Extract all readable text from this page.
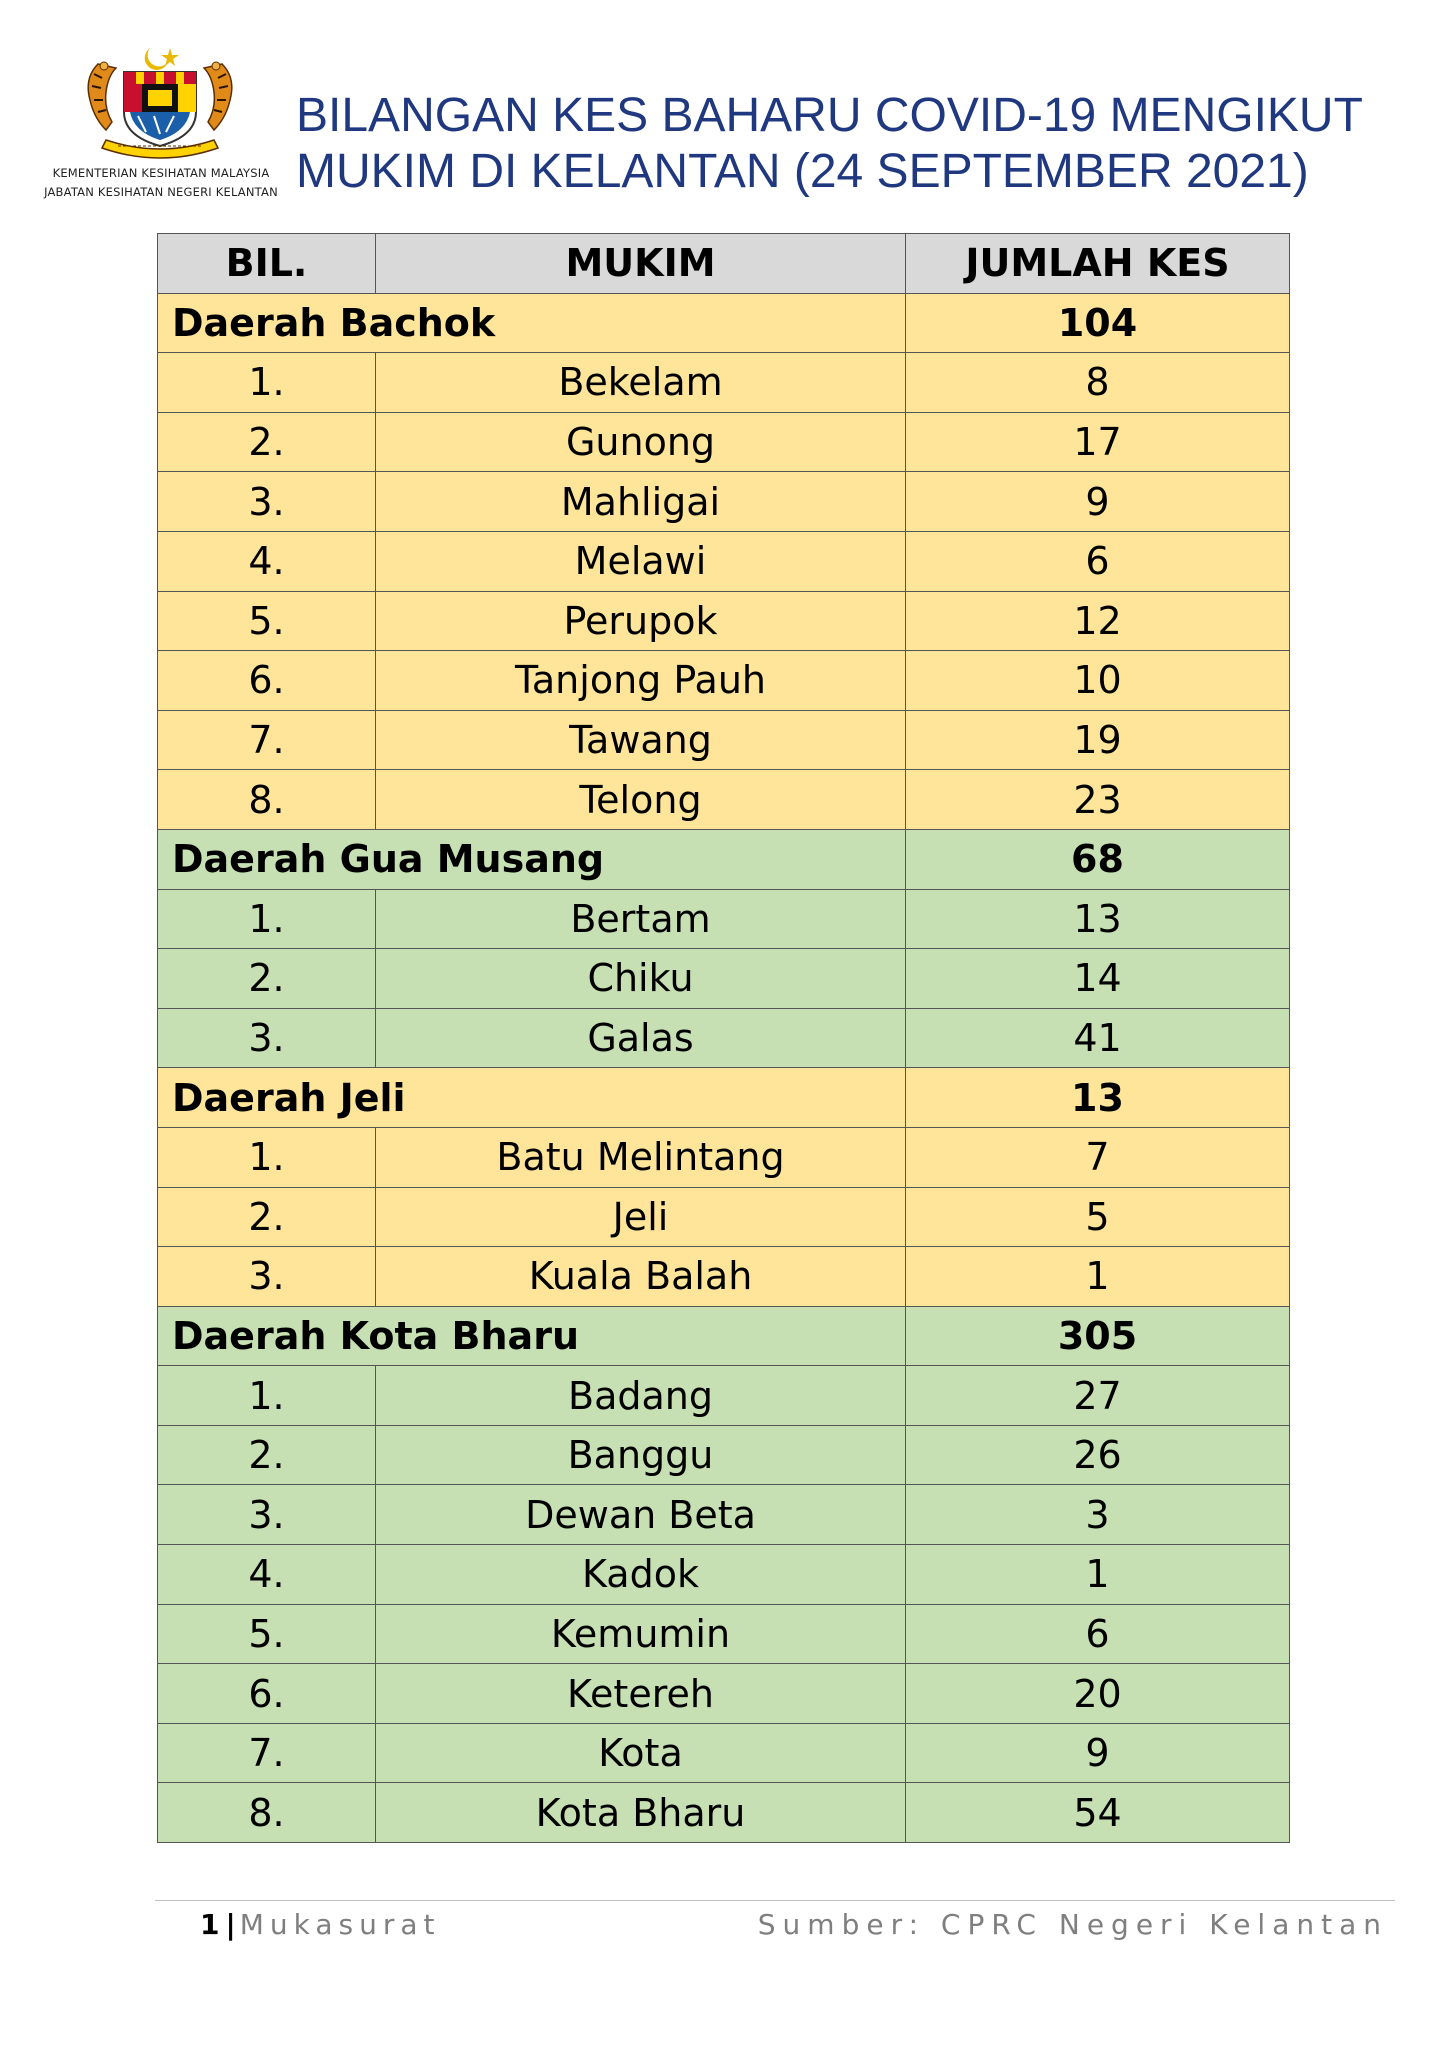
KEMENTERIAN KESIHATAN MALAYSIA
JABATAN KESIHATAN NEGERI KELANTAN
BILANGAN KES BAHARU COVID-19 MENGIKUT
MUKIM DI KELANTAN (24 SEPTEMBER 2021)
BIL.	MUKIM	JUMLAH KES
Daerah Bachok		104
1.	Bekelam	8
2.	Gunong	17
3.	Mahligai	9
4.	Melawi	6
5.	Perupok	12
6.	Tanjong Pauh	10
7.	Tawang	19
8.	Telong	23
Daerah Gua Musang		68
1.	Bertam	13
2.	Chiku	14
3.	Galas	41
Daerah Jeli		13
1.	Batu Melintang	7
2.	Jeli	5
3.	Kuala Balah	1
Daerah Kota Bharu		305
1.	Badang	27
2.	Banggu	26
3.	Dewan Beta	3
4.	Kadok	1
5.	Kemumin	6
6.	Ketereh	20
7.	Kota	9
8.	Kota Bharu	54
1 | Mukasurat	Sumber: CPRC Negeri Kelantan
